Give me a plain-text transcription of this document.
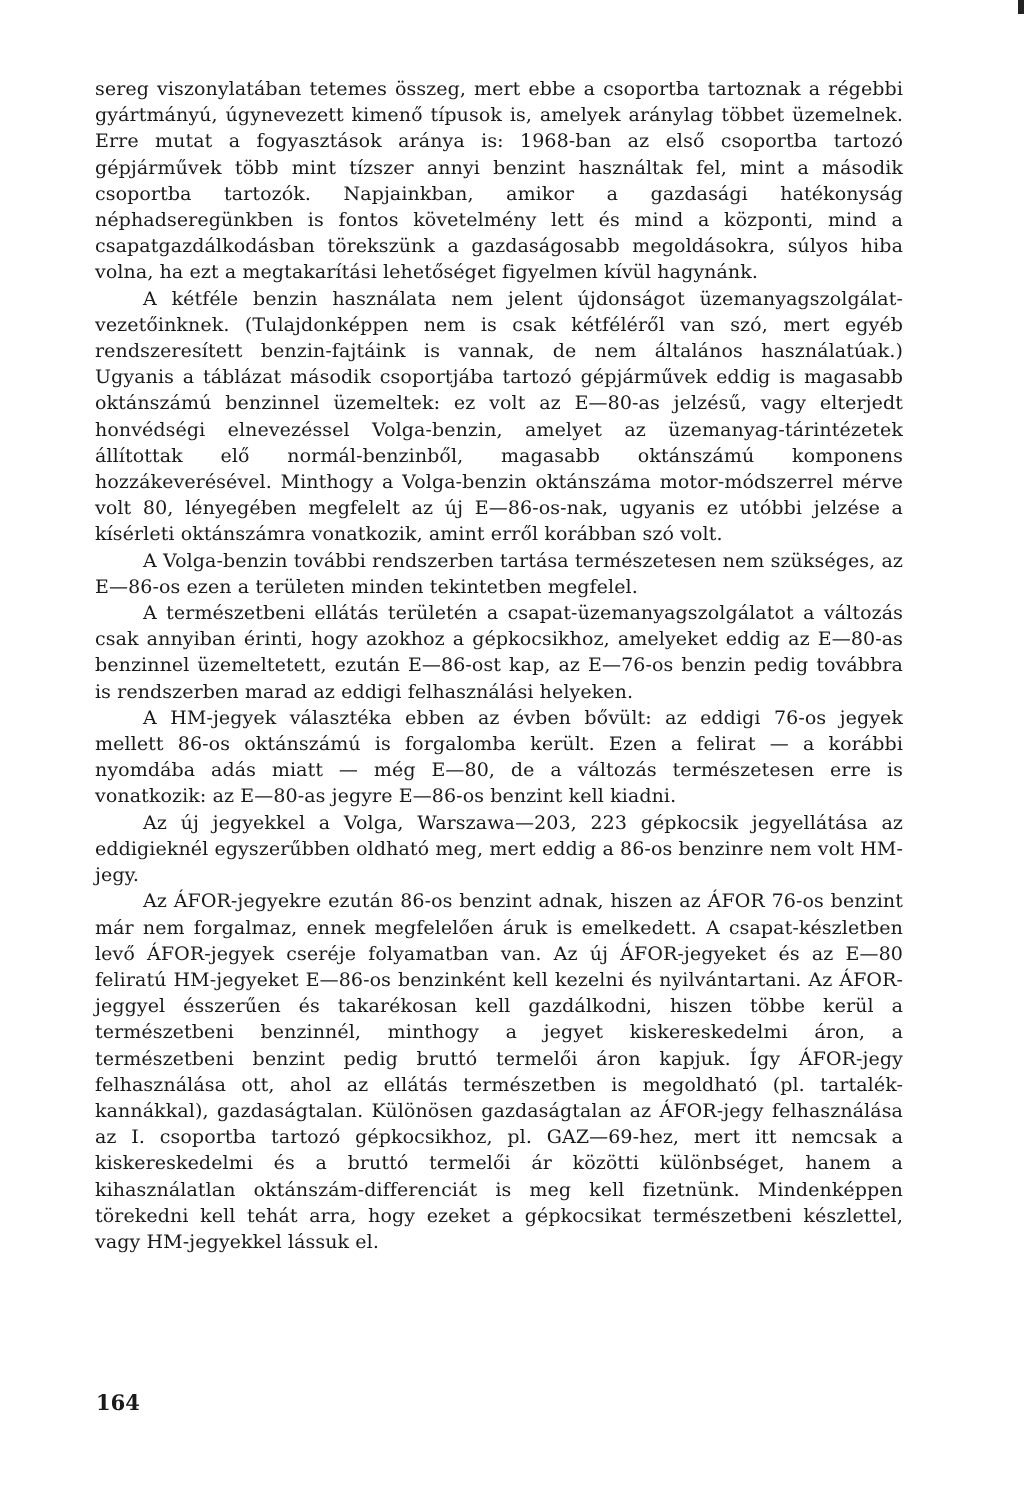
sereg viszonylatában tetemes összeg, mert ebbe a csoportba tartoznak a régebbi gyártmányú, úgynevezett kimenő típusok is, amelyek aránylag többet üzemelnek. Erre mutat a fogyasztások aránya is: 1968-ban az első csoportba tartozó gépjárművek több mint tízszer annyi benzint használtak fel, mint a második csoportba tartozók. Napjainkban, amikor a gazdasági hatékonyság néphadseregünkben is fontos követelmény lett és mind a központi, mind a csapatgazdálkodásban törekszünk a gazdaságosabb megoldásokra, súlyos hiba volna, ha ezt a megtakarítási lehetőséget figyelmen kívül hagynánk.

A kétféle benzin használata nem jelent újdonságot üzemanyagszolgálat-vezetőinknek. (Tulajdonképpen nem is csak kétféléről van szó, mert egyéb rendszeresített benzin-fajtáink is vannak, de nem általános használatúak.) Ugyanis a táblázat második csoportjába tartozó gépjárművek eddig is magasabb oktánszámú benzinnel üzemeltek: ez volt az E—80-as jelzésű, vagy elterjedt honvédségi elnevezéssel Volga-benzin, amelyet az üzemanyag-tárintézetek állítottak elő normál-benzinből, magasabb oktánszámú komponens hozzákeverésével. Minthogy a Volga-benzin oktánszáma motor-módszerrel mérve volt 80, lényegében megfelelt az új E—86-os-nak, ugyanis ez utóbbi jelzése a kísérleti oktánszámra vonatkozik, amint erről korábban szó volt.

A Volga-benzin további rendszerben tartása természetesen nem szükséges, az E—86-os ezen a területen minden tekintetben megfelel.

A természetbeni ellátás területén a csapat-üzemanyagszolgálatot a változás csak annyiban érinti, hogy azokhoz a gépkocsikhoz, amelyeket eddig az E—80-as benzinnel üzemeltetett, ezután E—86-ost kap, az E—76-os benzin pedig továbbra is rendszerben marad az eddigi felhasználási helyeken.

A HM-jegyek választéka ebben az évben bővült: az eddigi 76-os jegyek mellett 86-os oktánszámú is forgalomba került. Ezen a felirat — a korábbi nyomdába adás miatt — még E—80, de a változás természetesen erre is vonatkozik: az E—80-as jegyre E—86-os benzint kell kiadni.

Az új jegyekkel a Volga, Warszawa—203, 223 gépkocsik jegyellátása az eddigieknél egyszerűbben oldható meg, mert eddig a 86-os benzinre nem volt HM-jegy.

Az ÁFOR-jegyekre ezután 86-os benzint adnak, hiszen az ÁFOR 76-os benzint már nem forgalmaz, ennek megfelelően áruk is emelkedett. A csapat-készletben levő ÁFOR-jegyek cseréje folyamatban van. Az új ÁFOR-jegyeket és az E—80 feliratú HM-jegyeket E—86-os benzinként kell kezelni és nyilvántartani. Az ÁFOR-jeggyel ésszerűen és takarékosan kell gazdálkodni, hiszen többe kerül a természetbeni benzinnél, minthogy a jegyet kiskereskedelmi áron, a természetbeni benzint pedig bruttó termelői áron kapjuk. Így ÁFOR-jegy felhasználása ott, ahol az ellátás természetben is megoldható (pl. tartalék-kannákkal), gazdaságtalan. Különösen gazdaságtalan az ÁFOR-jegy felhasználása az I. csoportba tartozó gépkocsikhoz, pl. GAZ—69-hez, mert itt nemcsak a kiskereskedelmi és a bruttó termelői ár közötti különbséget, hanem a kihasználatlan oktánszám-differenciát is meg kell fizetnünk. Mindenképpen törekedni kell tehát arra, hogy ezeket a gépkocsikat természetbeni készlettel, vagy HM-jegyekkel lássuk el.

164
